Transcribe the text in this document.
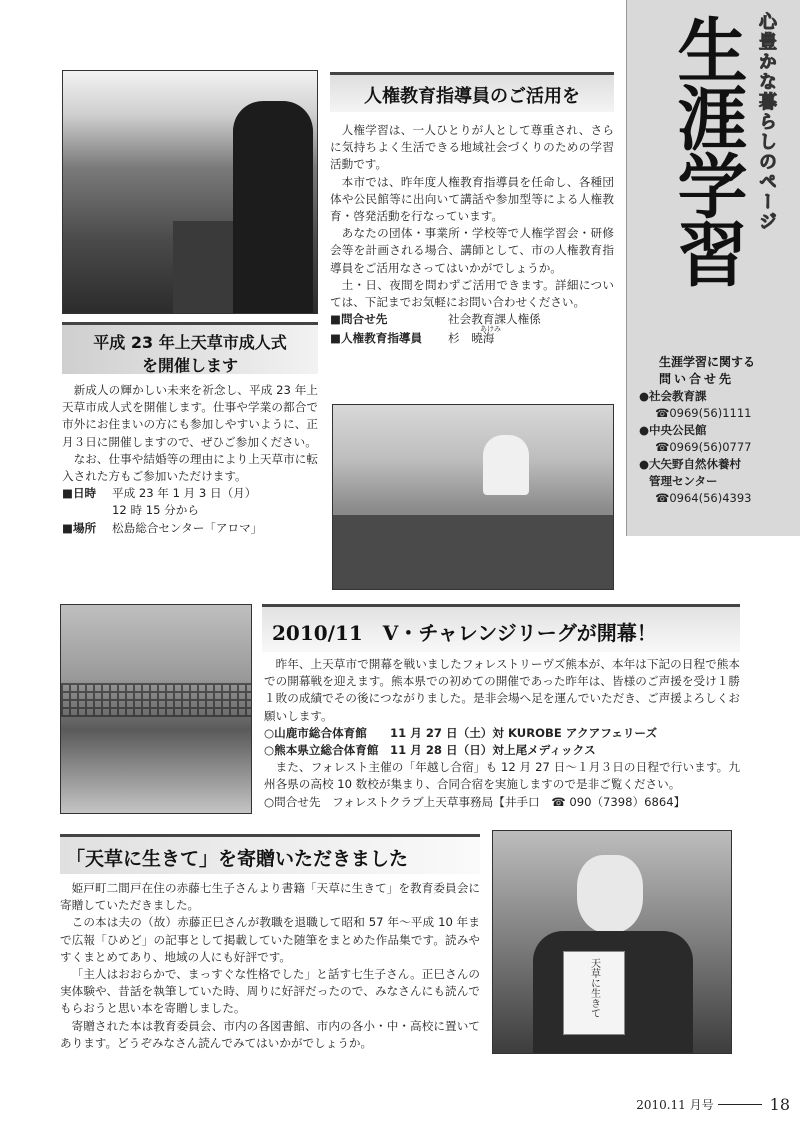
平成 23 年上天草市成人式
を開催します

新成人の輝かしい未来を祈念し、平成 23 年上天草市成人式を開催します。仕事や学業の都合で市外にお住まいの方にも参加しやすいように、正月３日に開催しますので、ぜひご参加ください。

なお、仕事や結婚等の理由により上天草市に転入された方もご参加いただけます。

■日時	平成 23 年 1 月 3 日（月）
12 時 15 分から
■場所	松島総合センター「アロマ」
人権教育指導員のご活用を

人権学習は、一人ひとりが人として尊重され、さらに気持ちよく生活できる地域社会づくりのための学習活動です。

本市では、昨年度人権教育指導員を任命し、各種団体や公民館等に出向いて講話や参加型等による人権教育・啓発活動を行なっています。

あなたの団体・事業所・学校等で人権学習会・研修会等を計画される場合、講師として、市の人権教育指導員をご活用なさってはいかがでしょうか。

土・日、夜間を問わずご活用できます。詳細については、下記までお気軽にお問い合わせください。

■問合せ先	社会教育課人権係
■人権教育指導員	杉　曉海
あけみ
心豊かな暮らしのページ
生涯学習
生涯学習に関する
問い合せ先
●社会教育課
☎0969(56)1111
●中央公民館
☎0969(56)0777
●大矢野自然休養村
管理センター
☎0964(56)4393
2010/11　V・チャレンジリーグが開幕！

昨年、上天草市で開幕を戦いましたフォレストリーヴズ熊本が、本年は下記の日程で熊本での開幕戦を迎えます。熊本県での初めての開催であった昨年は、皆様のご声援を受け１勝１敗の成績でその後につながりました。是非会場へ足を運んでいただき、ご声援よろしくお願いします。

○山鹿市総合体育館　　11 月 27 日（土）対 KUROBE アクアフェリーズ
○熊本県立総合体育館　11 月 28 日（日）対上尾メディックス

また、フォレスト主催の「年越し合宿」も 12 月 27 日～１月３日の日程で行います。九州各県の高校 10 数校が集まり、合同合宿を実施しますので是非ご覧ください。

○問合せ先　フォレストクラブ上天草事務局【井手口　☎ 090（7398）6864】
「天草に生きて」を寄贈いただきました

姫戸町二間戸在住の赤藤七生子さんより書籍「天草に生きて」を教育委員会に寄贈していただきました。

この本は夫の（故）赤藤正巳さんが教職を退職して昭和 57 年～平成 10 年まで広報「ひめど」の記事として掲載していた随筆をまとめた作品集です。読みやすくまとめてあり、地域の人にも好評です。

「主人はおおらかで、まっすぐな性格でした」と話す七生子さん。正巳さんの実体験や、昔話を執筆していた時、周りに好評だったので、みなさんにも読んでもらおうと思い本を寄贈しました。

寄贈された本は教育委員会、市内の各図書館、市内の各小・中・高校に置いてあります。どうぞみなさん読んでみてはいかがでしょうか。

天草に生きて
2010.11 月号	18
